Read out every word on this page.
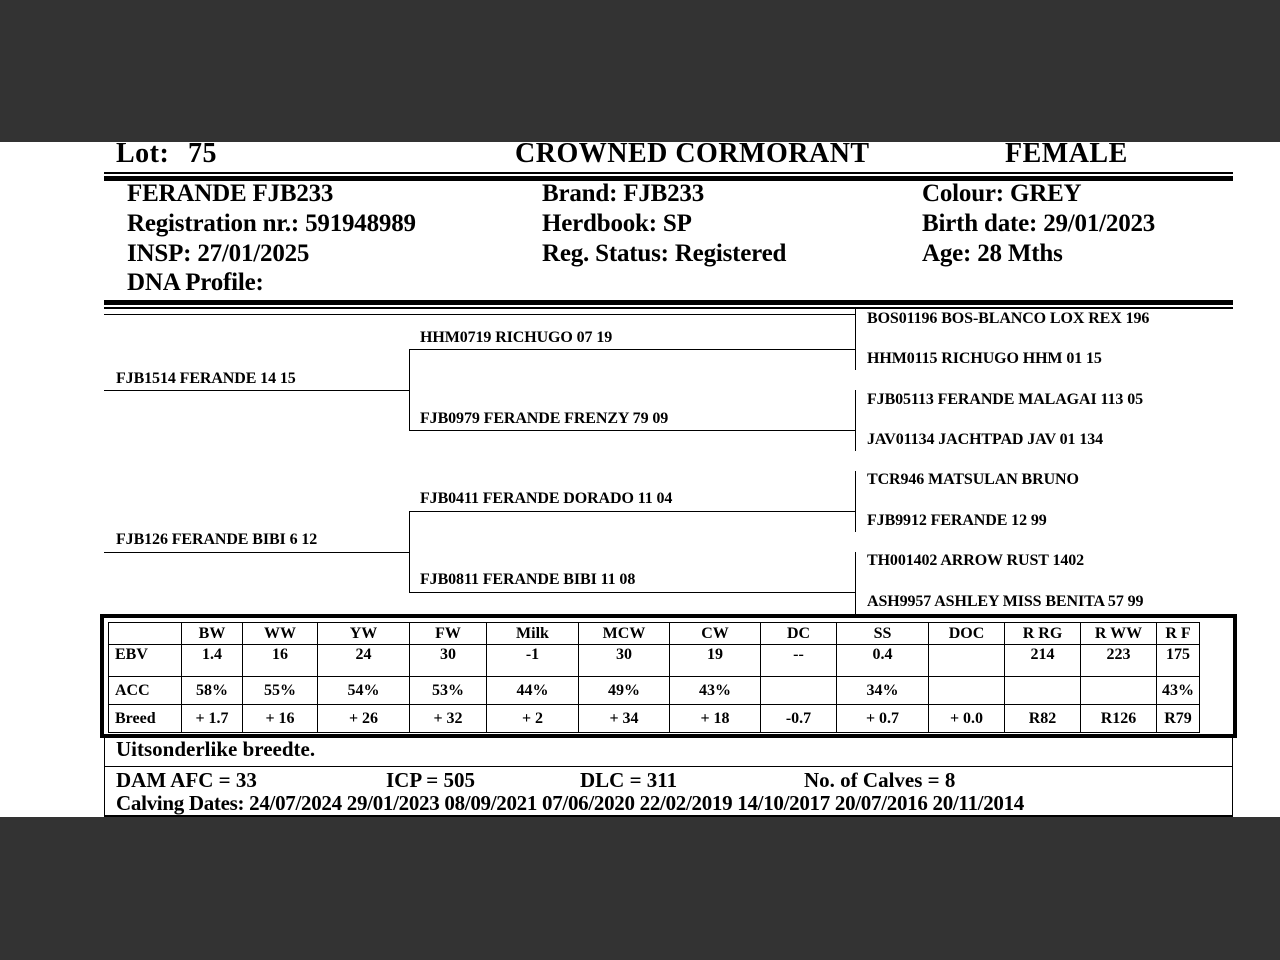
Lot: 75	CROWNED CORMORANT	FEMALE
FERANDE FJB233
Registration nr.: 591948989
INSP: 27/01/2025
DNA Profile:
Brand: FJB233
Herdbook: SP
Reg. Status: Registered
Colour: GREY
Birth date: 29/01/2023
Age: 28 Mths
FJB1514 FERANDE 14 15
FJB126 FERANDE BIBI 6 12
HHM0719 RICHUGO 07 19
FJB0979 FERANDE FRENZY 79 09
FJB0411 FERANDE DORADO 11 04
FJB0811 FERANDE BIBI 11 08
BOS01196 BOS-BLANCO LOX REX 196
HHM0115 RICHUGO HHM 01 15
FJB05113 FERANDE MALAGAI 113 05
JAV01134 JACHTPAD JAV 01 134
TCR946 MATSULAN BRUNO
FJB9912 FERANDE 12 99
TH001402 ARROW RUST 1402
ASH9957 ASHLEY MISS BENITA 57 99
	BW	WW	YW	FW	Milk	MCW	CW	DC	SS	DOC	R RG	R WW	R F
EBV	1.4	16	24	30	-1	30	19	--	0.4		214	223	175
ACC	58%	55%	54%	53%	44%	49%	43%		34%				43%
Breed	+ 1.7	+ 16	+ 26	+ 32	+ 2	+ 34	+ 18	-0.7	+ 0.7	+ 0.0	R82	R126	R79
Uitsonderlike breedte.
DAM AFC = 33	ICP = 505	DLC = 311	No. of Calves = 8
Calving Dates: 24/07/2024 29/01/2023 08/09/2021 07/06/2020 22/02/2019 14/10/2017 20/07/2016 20/11/2014
